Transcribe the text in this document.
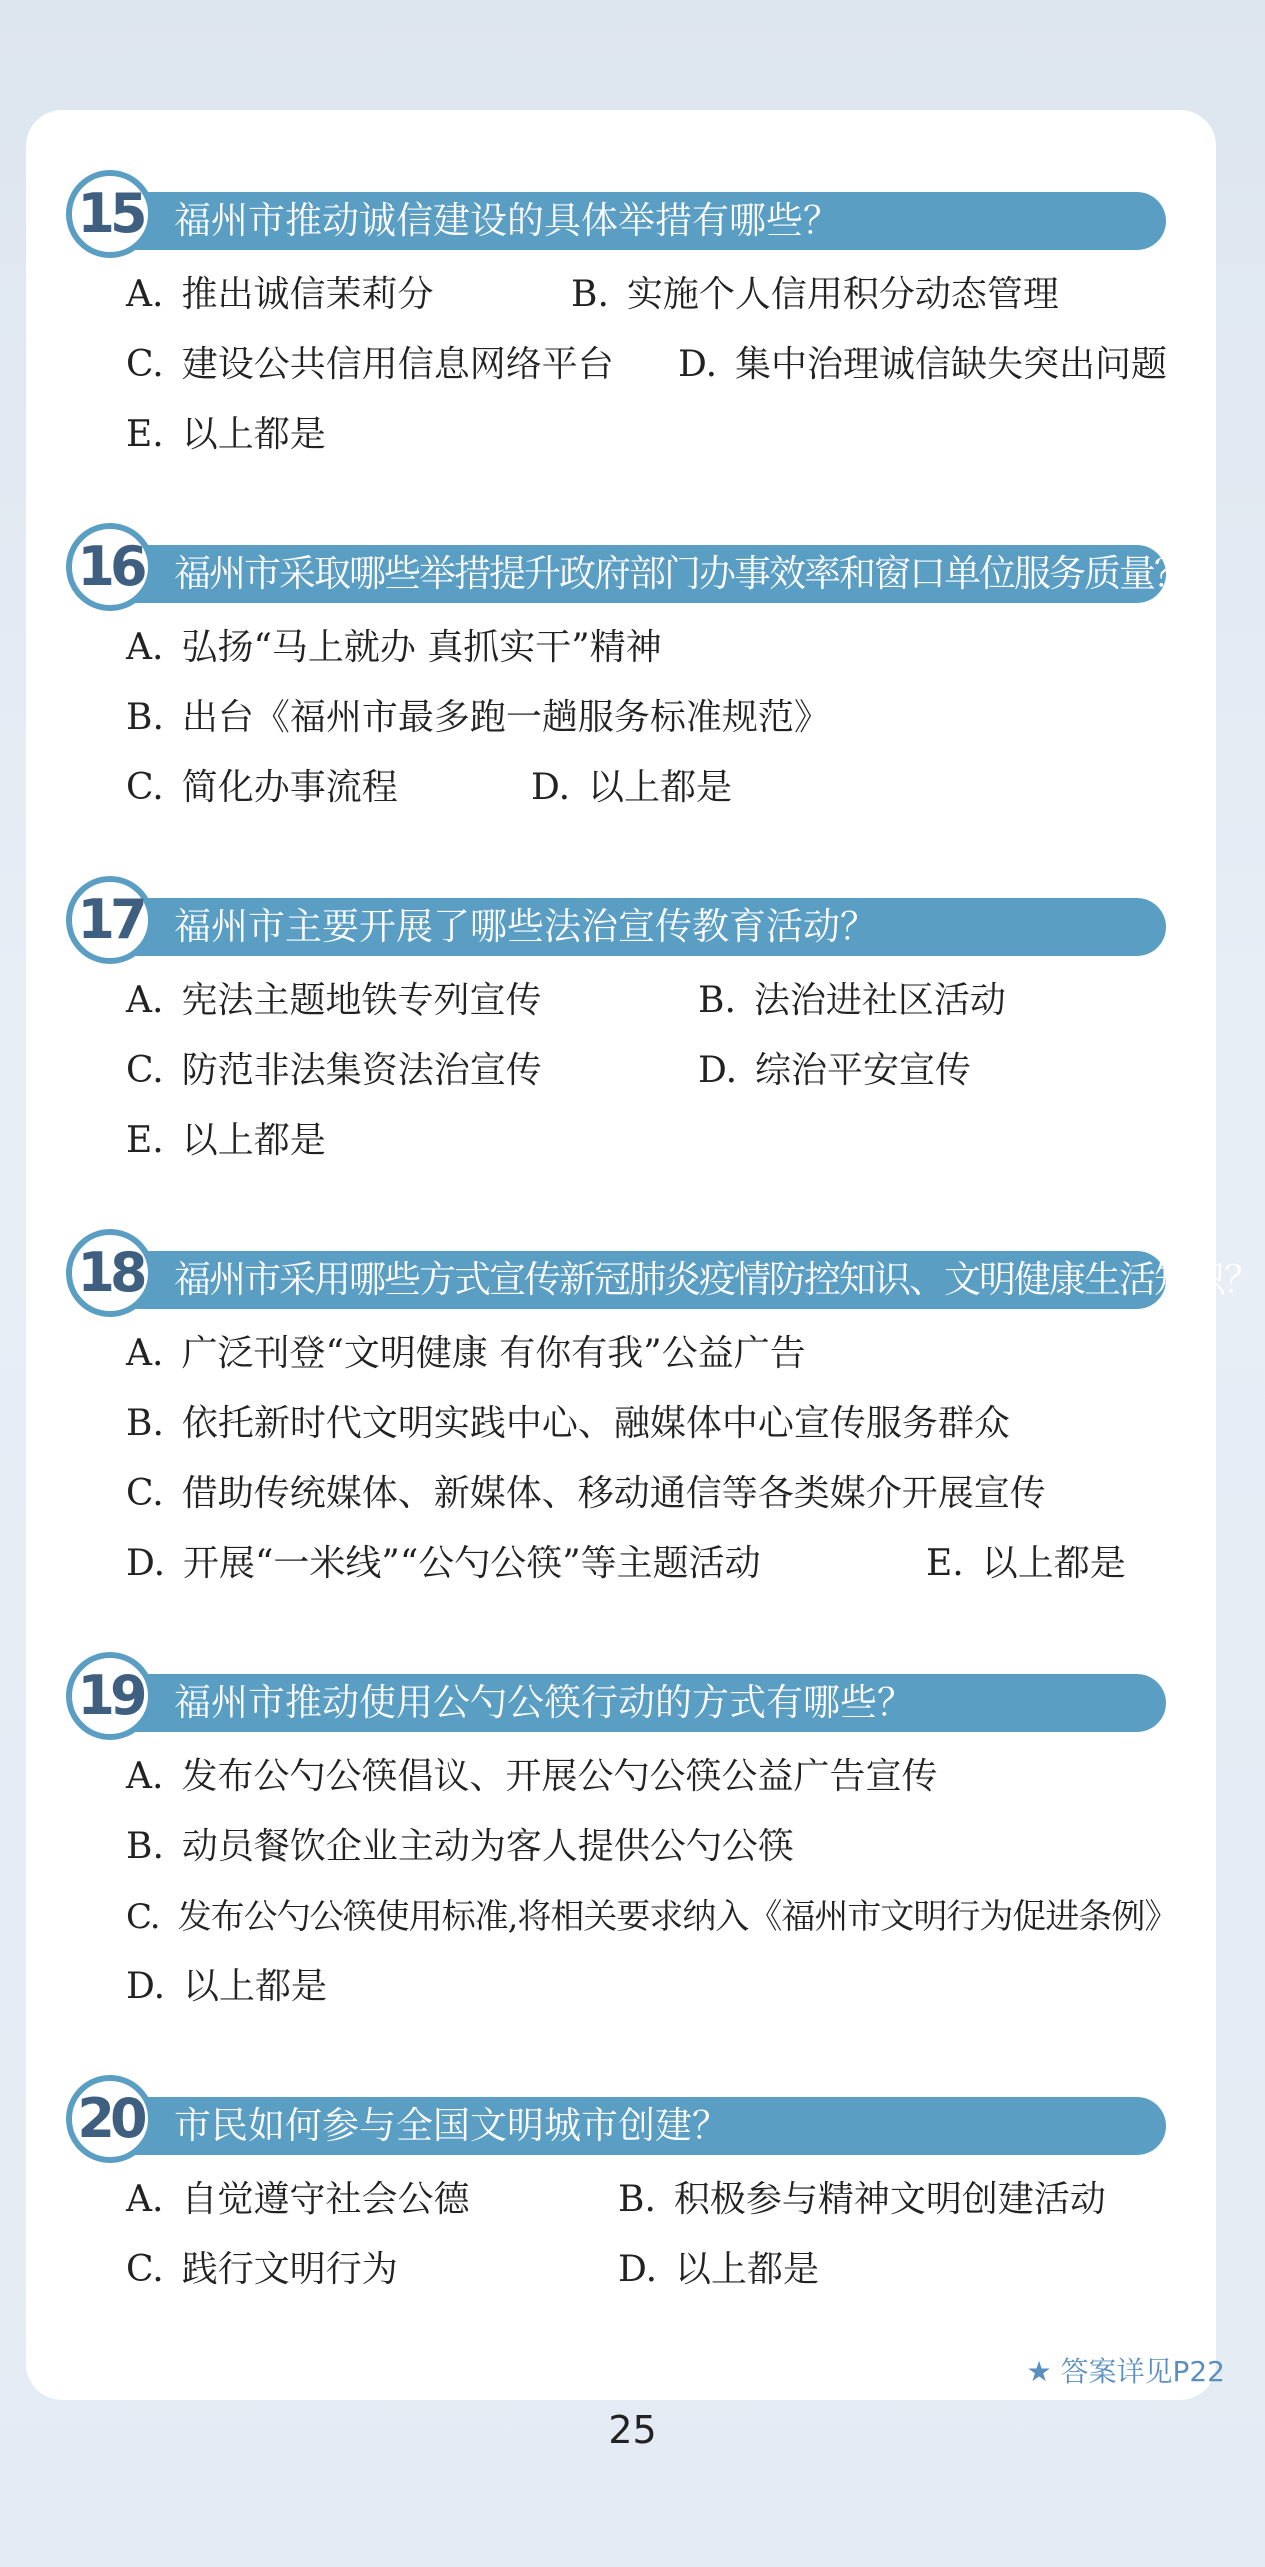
福州市推动诚信建设的具体举措有哪些？
15
A. 推出诚信茉莉分	B. 实施个人信用积分动态管理
C. 建设公共信用信息网络平台 D. 集中治理诚信缺失突出问题
E. 以上都是
福州市采取哪些举措提升政府部门办事效率和窗口单位服务质量？
16
A. 弘扬“马上就办 真抓实干”精神
B. 出台《福州市最多跑一趟服务标准规范》
C. 简化办事流程	D. 以上都是
福州市主要开展了哪些法治宣传教育活动？
17
A. 宪法主题地铁专列宣传	B. 法治进社区活动
C. 防范非法集资法治宣传	D. 综治平安宣传
E. 以上都是
福州市采用哪些方式宣传新冠肺炎疫情防控知识、文明健康生活知识？
18
A. 广泛刊登“文明健康 有你有我”公益广告
B. 依托新时代文明实践中心、融媒体中心宣传服务群众
C. 借助传统媒体、新媒体、移动通信等各类媒介开展宣传
D. 开展“一米线”“公勺公筷”等主题活动	E. 以上都是
福州市推动使用公勺公筷行动的方式有哪些？
19
A. 发布公勺公筷倡议、开展公勺公筷公益广告宣传
B. 动员餐饮企业主动为客人提供公勺公筷
C. 发布公勺公筷使用标准,将相关要求纳入《福州市文明行为促进条例》
D. 以上都是
市民如何参与全国文明城市创建？
20
A. 自觉遵守社会公德	B. 积极参与精神文明创建活动
C. 践行文明行为	D. 以上都是
★ 答案详见P22
25
